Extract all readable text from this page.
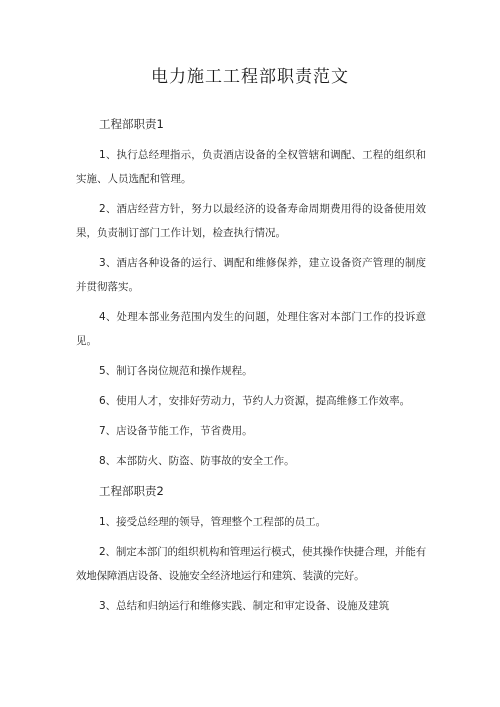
电力施工工程部职责范文
工程部职责1

1、执行总经理指示，负责酒店设备的全权管辖和调配、工程的组织和实施、人员选配和管理。

2、酒店经营方针，努力以最经济的设备寿命周期费用得的设备使用效果，负责制订部门工作计划，检查执行情况。

3、酒店各种设备的运行、调配和维修保养，建立设备资产管理的制度并贯彻落实。

4、处理本部业务范围内发生的问题，处理住客对本部门工作的投诉意见。

5、制订各岗位规范和操作规程。

6、使用人才，安排好劳动力，节约人力资源，提高维修工作效率。

7、店设备节能工作，节省费用。

8、本部防火、防盗、防事故的安全工作。

工程部职责2

1、接受总经理的领导，管理整个工程部的员工。

2、制定本部门的组织机构和管理运行模式，使其操作快捷合理，并能有效地保障酒店设备、设施安全经济地运行和建筑、装潢的完好。

3、总结和归纳运行和维修实践、制定和审定设备、设施及建筑
